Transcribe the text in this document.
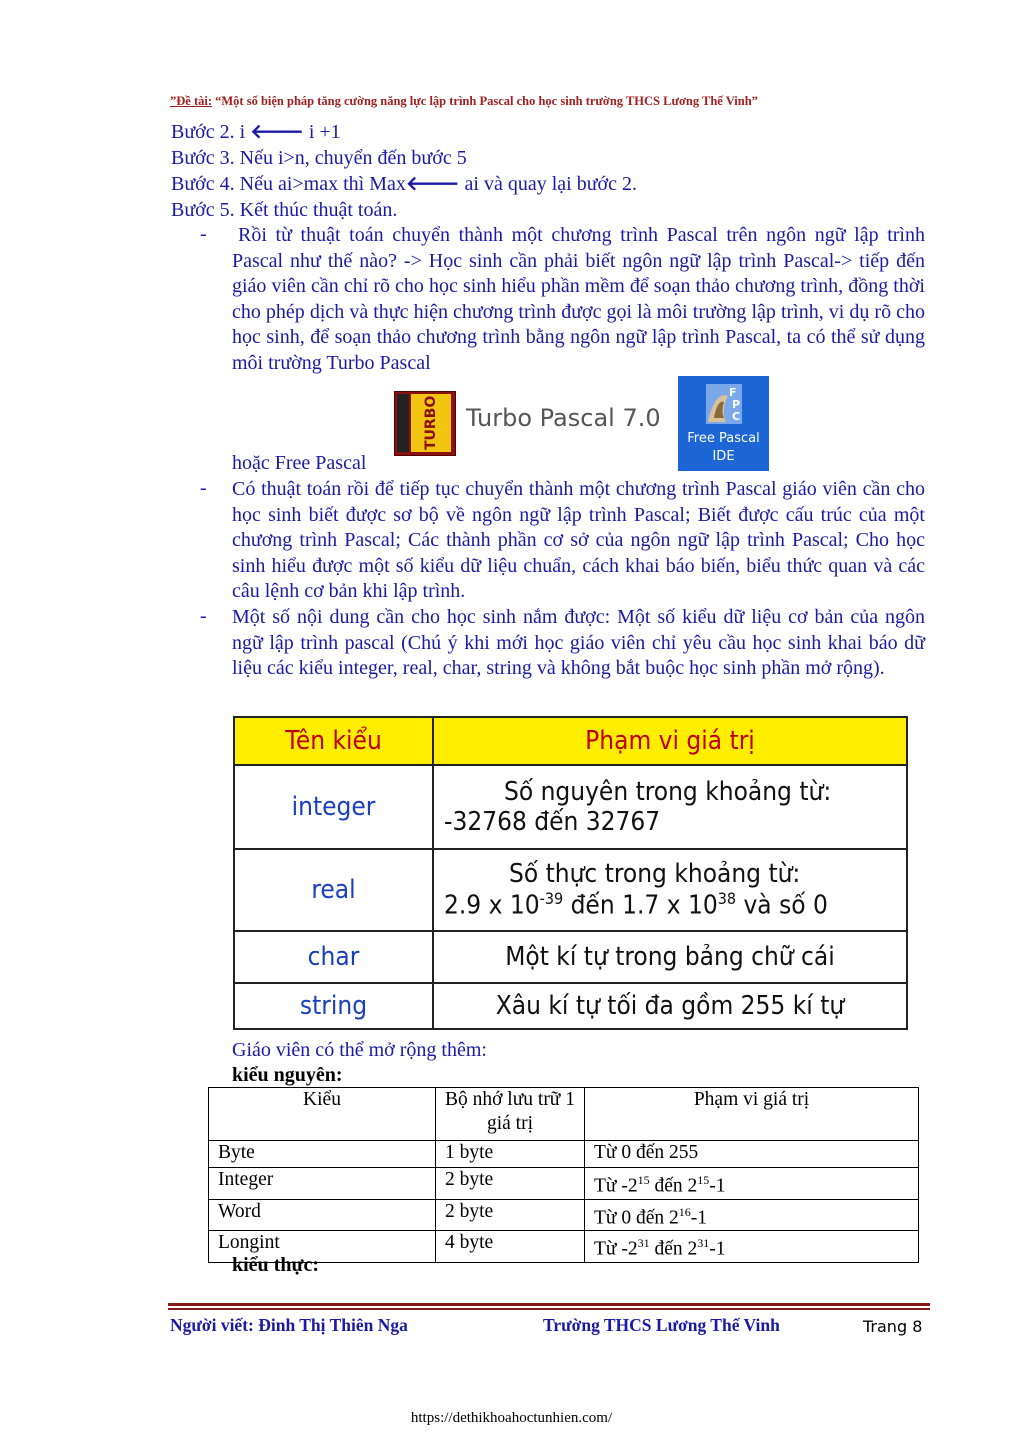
”Đề tài: “Một số biện pháp tăng cường năng lực lập trình Pascal cho học sinh trường THCS Lương Thế Vinh”
Bước 2. i 🡐 i +1
Bước 3. Nếu i>n, chuyển đến bước 5
Bước 4. Nếu ai>max thì Max🡐 ai và quay lại bước 2.
Bước 5. Kết thúc thuật toán.
-	Rồi từ thuật toán chuyển thành một chương trình Pascal trên ngôn ngữ lập trình Pascal như thế nào? -> Học sinh cần phải biết ngôn ngữ lập trình Pascal-> tiếp đến giáo viên cần chỉ rõ cho học sinh hiểu phần mềm để soạn thảo chương trình, đồng thời cho phép dịch và thực hiện chương trình được gọi là môi trường lập trình, vi dụ rõ cho học sinh, để soạn thảo chương trình bằng ngôn ngữ lập trình Pascal, ta có thể sử dụng môi trường Turbo Pascal
TURBO	Turbo Pascal 7.0
F
P
C
Free Pascal
IDE
hoặc Free Pascal
- Có thuật toán rồi để tiếp tục chuyển thành một chương trình Pascal giáo viên cần cho học sinh biết được sơ bộ về ngôn ngữ lập trình Pascal; Biết được cấu trúc của một chương trình Pascal; Các thành phần cơ sở của ngôn ngữ lập trình Pascal; Cho học sinh hiểu được một số kiểu dữ liệu chuẩn, cách khai báo biến, biểu thức quan và các câu lệnh cơ bản khi lập trình.
- Một số nội dung cần cho học sinh nắm được: Một số kiểu dữ liệu cơ bản của ngôn ngữ lập trình pascal (Chú ý khi mới học giáo viên chỉ yêu cầu học sinh khai báo dữ liệu các kiểu integer, real, char, string và không bắt buộc học sinh phần mở rộng).
Tên kiểu	Phạm vi giá trị
integer	Số nguyên trong khoảng từ:
-32768 đến 32767

real	Số thực trong khoảng từ:
2.9 x $10^{-39}$ đến 1.7 x $10^{38}$ và số 0

char	Một kí tự trong bảng chữ cái
string	Xâu kí tự tối đa gồm 255 kí tự
Giáo viên có thể mở rộng thêm:
kiểu nguyên:
Kiểu	Bộ nhớ lưu trữ 1 giá trị	Phạm vi giá trị
Byte	1 byte	Từ 0 đến 255
Integer	2 byte	Từ $-2^{15}$ đến $2^{15}-1$
Word	2 byte	Từ 0 đến $2^{16}-1$
Longint	4 byte	Từ $-2^{31}$ đến $2^{31}-1$
kiểu thực:
Người viết: Đinh Thị Thiên Nga	Trường THCS Lương Thế Vinh	Trang 8
https://dethikhoahoctunhien.com/
